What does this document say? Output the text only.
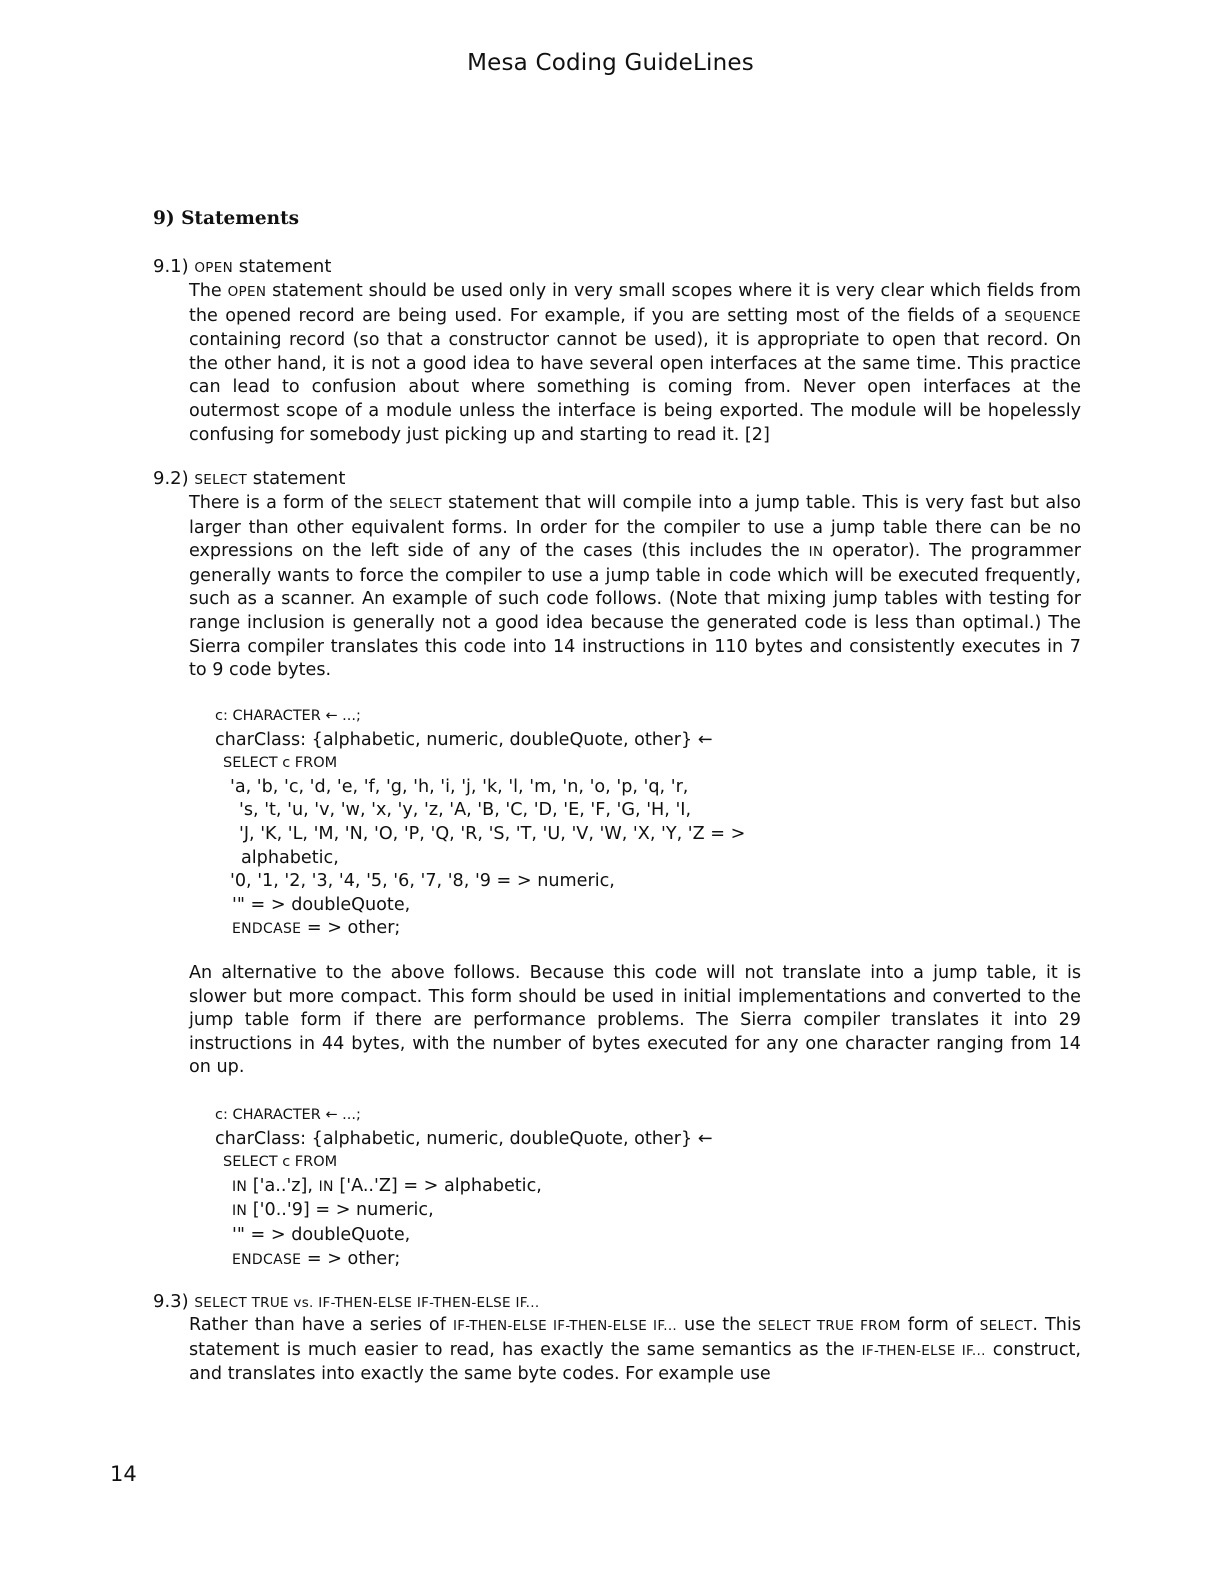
Mesa Coding GuideLines
9) Statements
9.1) OPEN statement
The OPEN statement should be used only in very small scopes where it is very clear which fields from the opened record are being used. For example, if you are setting most of the fields of a SEQUENCE containing record (so that a constructor cannot be used), it is appropriate to open that record. On the other hand, it is not a good idea to have several open interfaces at the same time. This practice can lead to confusion about where something is coming from. Never open interfaces at the outermost scope of a module unless the interface is being exported. The module will be hopelessly confusing for somebody just picking up and starting to read it. [2]
9.2) SELECT statement
There is a form of the SELECT statement that will compile into a jump table. This is very fast but also larger than other equivalent forms. In order for the compiler to use a jump table there can be no expressions on the left side of any of the cases (this includes the IN operator). The programmer generally wants to force the compiler to use a jump table in code which will be executed frequently, such as a scanner. An example of such code follows. (Note that mixing jump tables with testing for range inclusion is generally not a good idea because the generated code is less than optimal.) The Sierra compiler translates this code into 14 instructions in 110 bytes and consistently executes in 7 to 9 code bytes.
c: CHARACTER ← ...;
charClass: {alphabetic, numeric, doubleQuote, other} ←
SELECT c FROM
'a, 'b, 'c, 'd, 'e, 'f, 'g, 'h, 'i, 'j, 'k, 'l, 'm, 'n, 'o, 'p, 'q, 'r,
's, 't, 'u, 'v, 'w, 'x, 'y, 'z, 'A, 'B, 'C, 'D, 'E, 'F, 'G, 'H, 'I,
'J, 'K, 'L, 'M, 'N, 'O, 'P, 'Q, 'R, 'S, 'T, 'U, 'V, 'W, 'X, 'Y, 'Z = >
alphabetic,
'0, '1, '2, '3, '4, '5, '6, '7, '8, '9 = > numeric,
'" = > doubleQuote,
ENDCASE = > other;
An alternative to the above follows. Because this code will not translate into a jump table, it is slower but more compact. This form should be used in initial implementations and converted to the jump table form if there are performance problems. The Sierra compiler translates it into 29 instructions in 44 bytes, with the number of bytes executed for any one character ranging from 14 on up.
c: CHARACTER ← ...;
charClass: {alphabetic, numeric, doubleQuote, other} ←
SELECT c FROM
IN ['a..'z], IN ['A..'Z] = > alphabetic,
IN ['0..'9] = > numeric,
'" = > doubleQuote,
ENDCASE = > other;
9.3) SELECT TRUE vs. IF-THEN-ELSE IF-THEN-ELSE IF...
Rather than have a series of IF-THEN-ELSE IF-THEN-ELSE IF... use the SELECT TRUE FROM form of SELECT. This statement is much easier to read, has exactly the same semantics as the IF-THEN-ELSE IF... construct, and translates into exactly the same byte codes. For example use
14
